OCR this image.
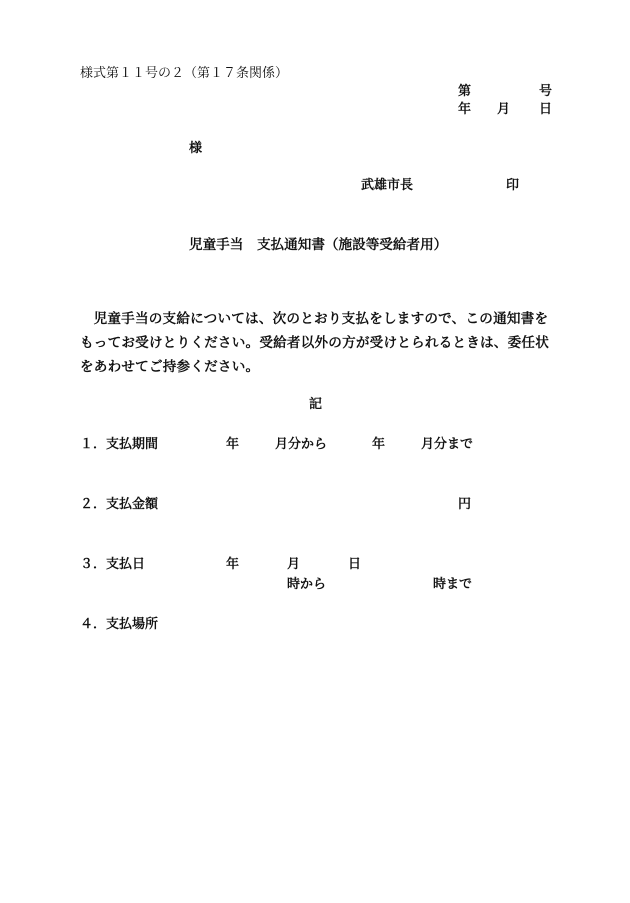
様式第１１号の２（第１７条関係）
第	号
年 月 日
様
武雄市長	印
児童手当　支払通知書（施設等受給者用）
児童手当の支給については、次のとおり支払をしますので、この通知書をもってお受けとりください。受給者以外の方が受けとられるときは、委任状をあわせてご持参ください。
記
１．支払期間	年	月分から	年	月分まで
２．支払金額	円
３．支払日	年	月	日
時から	時まで
４．支払場所
